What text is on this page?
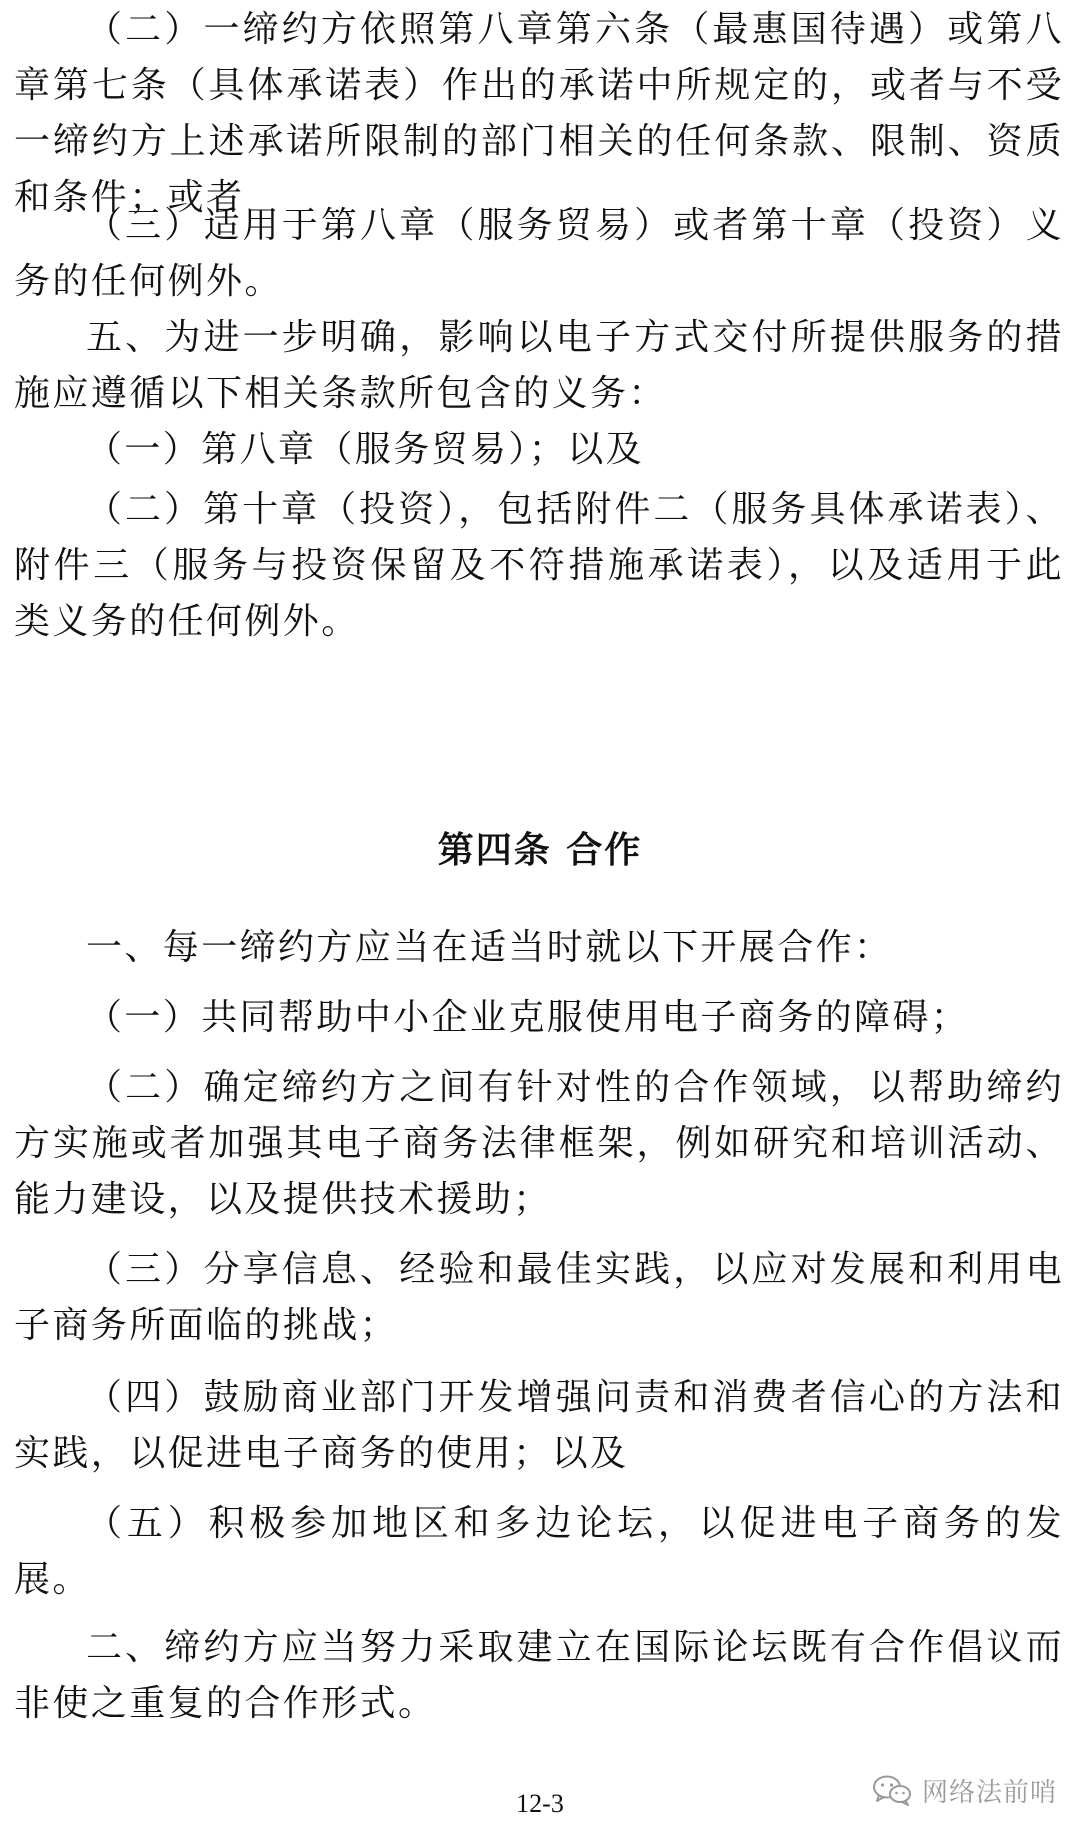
（二）一缔约方依照第八章第六条（最惠国待遇）或第八章第七条（具体承诺表）作出的承诺中所规定的，或者与不受一缔约方上述承诺所限制的部门相关的任何条款、限制、资质和条件；或者

（三）适用于第八章（服务贸易）或者第十章（投资）义务的任何例外。

五、为进一步明确，影响以电子方式交付所提供服务的措施应遵循以下相关条款所包含的义务：

（一）第八章（服务贸易）；以及

（二）第十章（投资），包括附件二（服务具体承诺表）、附件三（服务与投资保留及不符措施承诺表），以及适用于此类义务的任何例外。

第四条 合作

一、每一缔约方应当在适当时就以下开展合作：

（一）共同帮助中小企业克服使用电子商务的障碍；

（二）确定缔约方之间有针对性的合作领域，以帮助缔约方实施或者加强其电子商务法律框架，例如研究和培训活动、能力建设，以及提供技术援助；

（三）分享信息、经验和最佳实践，以应对发展和利用电子商务所面临的挑战；

（四）鼓励商业部门开发增强问责和消费者信心的方法和实践，以促进电子商务的使用；以及

（五）积极参加地区和多边论坛，以促进电子商务的发展。

二、缔约方应当努力采取建立在国际论坛既有合作倡议而非使之重复的合作形式。

网络法前哨
12-3
